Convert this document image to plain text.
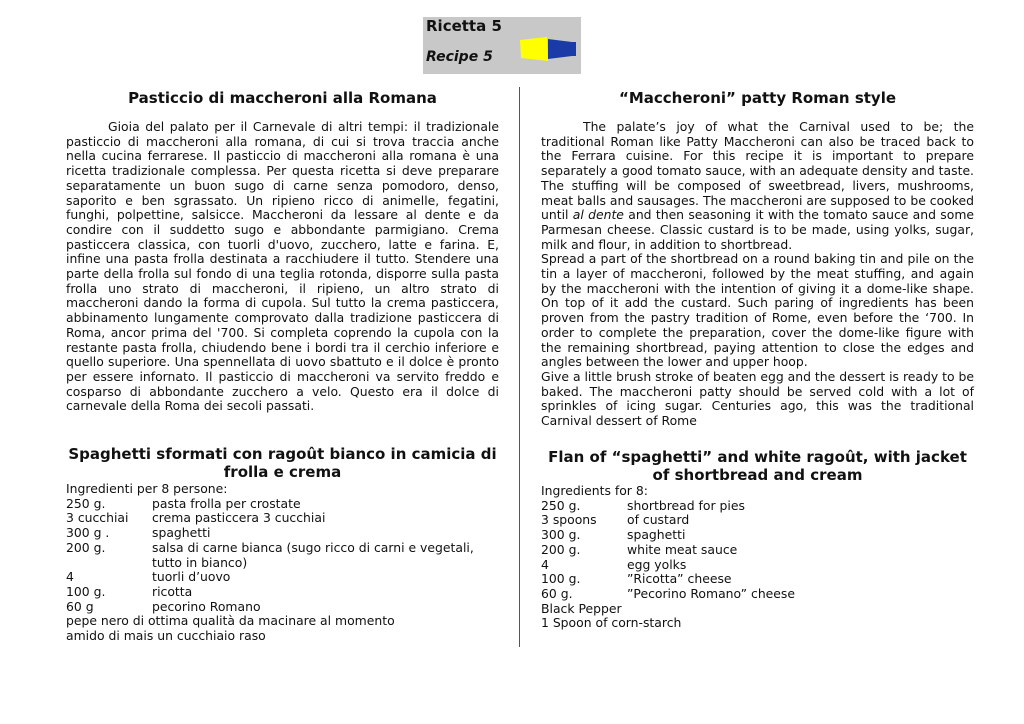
Ricetta 5
Recipe 5
Pasticcio di maccheroni alla Romana

Gioia del palato per il Carnevale di altri tempi: il tradizionale pasticcio di maccheroni alla romana, di cui si trova traccia anche nella cucina ferrarese. Il pasticcio di maccheroni alla romana è una ricetta tradizionale complessa. Per questa ricetta si deve preparare separatamente un buon sugo di carne senza pomodoro, denso, saporito e ben sgrassato. Un ripieno ricco di animelle, fegatini, funghi, polpettine, salsicce. Maccheroni da lessare al dente e da condire con il suddetto sugo e abbondante parmigiano. Crema pasticcera classica, con tuorli d'uovo, zucchero, latte e farina. E, infine una pasta frolla destinata a racchiudere il tutto. Stendere una parte della frolla sul fondo di una teglia rotonda, disporre sulla pasta frolla uno strato di maccheroni, il ripieno, un altro strato di maccheroni dando la forma di cupola. Sul tutto la crema pasticcera, abbinamento lungamente comprovato dalla tradizione pasticcera di Roma, ancor prima del '700. Si completa coprendo la cupola con la restante pasta frolla, chiudendo bene i bordi tra il cerchio inferiore e quello superiore. Una spennellata di uovo sbattuto e il dolce è pronto per essere infornato. Il pasticcio di maccheroni va servito freddo e cosparso di abbondante zucchero a velo. Questo era il dolce di carnevale della Roma dei secoli passati.

Spaghetti sformati con ragoût bianco in camicia di frolla e crema
Ingredienti per 8 persone:
250 g.	pasta frolla per crostate
3 cucchiai	crema pasticcera 3 cucchiai
300 g .	spaghetti
200 g.	salsa di carne bianca (sugo ricco di carni e vegetali, tutto in bianco)
4	tuorli d’uovo
100 g.	ricotta
60 g	pecorino Romano
pepe nero di ottima qualità da macinare al momento
amido di mais un cucchiaio raso
“Maccheroni” patty Roman style

The palate’s joy of what the Carnival used to be; the traditional Roman like Patty Maccheroni can also be traced back to the Ferrara cuisine. For this recipe it is important to prepare separately a good tomato sauce, with an adequate density and taste. The stuffing will be composed of sweetbread, livers, mushrooms, meat balls and sausages. The maccheroni are supposed to be cooked until al dente and then seasoning it with the tomato sauce and some Parmesan cheese. Classic custard is to be made, using yolks, sugar, milk and flour, in addition to shortbread.

Spread a part of the shortbread on a round baking tin and pile on the tin a layer of maccheroni, followed by the meat stuffing, and again by the maccheroni with the intention of giving it a dome-like shape. On top of it add the custard. Such paring of ingredients has been proven from the pastry tradition of Rome, even before the ‘700. In order to complete the preparation, cover the dome-like figure with the remaining shortbread, paying attention to close the edges and angles between the lower and upper hoop.

Give a little brush stroke of beaten egg and the dessert is ready to be baked. The maccheroni patty should be served cold with a lot of sprinkles of icing sugar. Centuries ago, this was the traditional Carnival dessert of Rome

Flan of “spaghetti” and white ragoût, with jacket of shortbread and cream
Ingredients for 8:
250 g.	shortbread for pies
3 spoons	of custard
300 g.	spaghetti
200 g.	white meat sauce
4	egg yolks
100 g.	”Ricotta” cheese
60 g.	”Pecorino Romano” cheese
Black Pepper
1 Spoon of corn-starch
